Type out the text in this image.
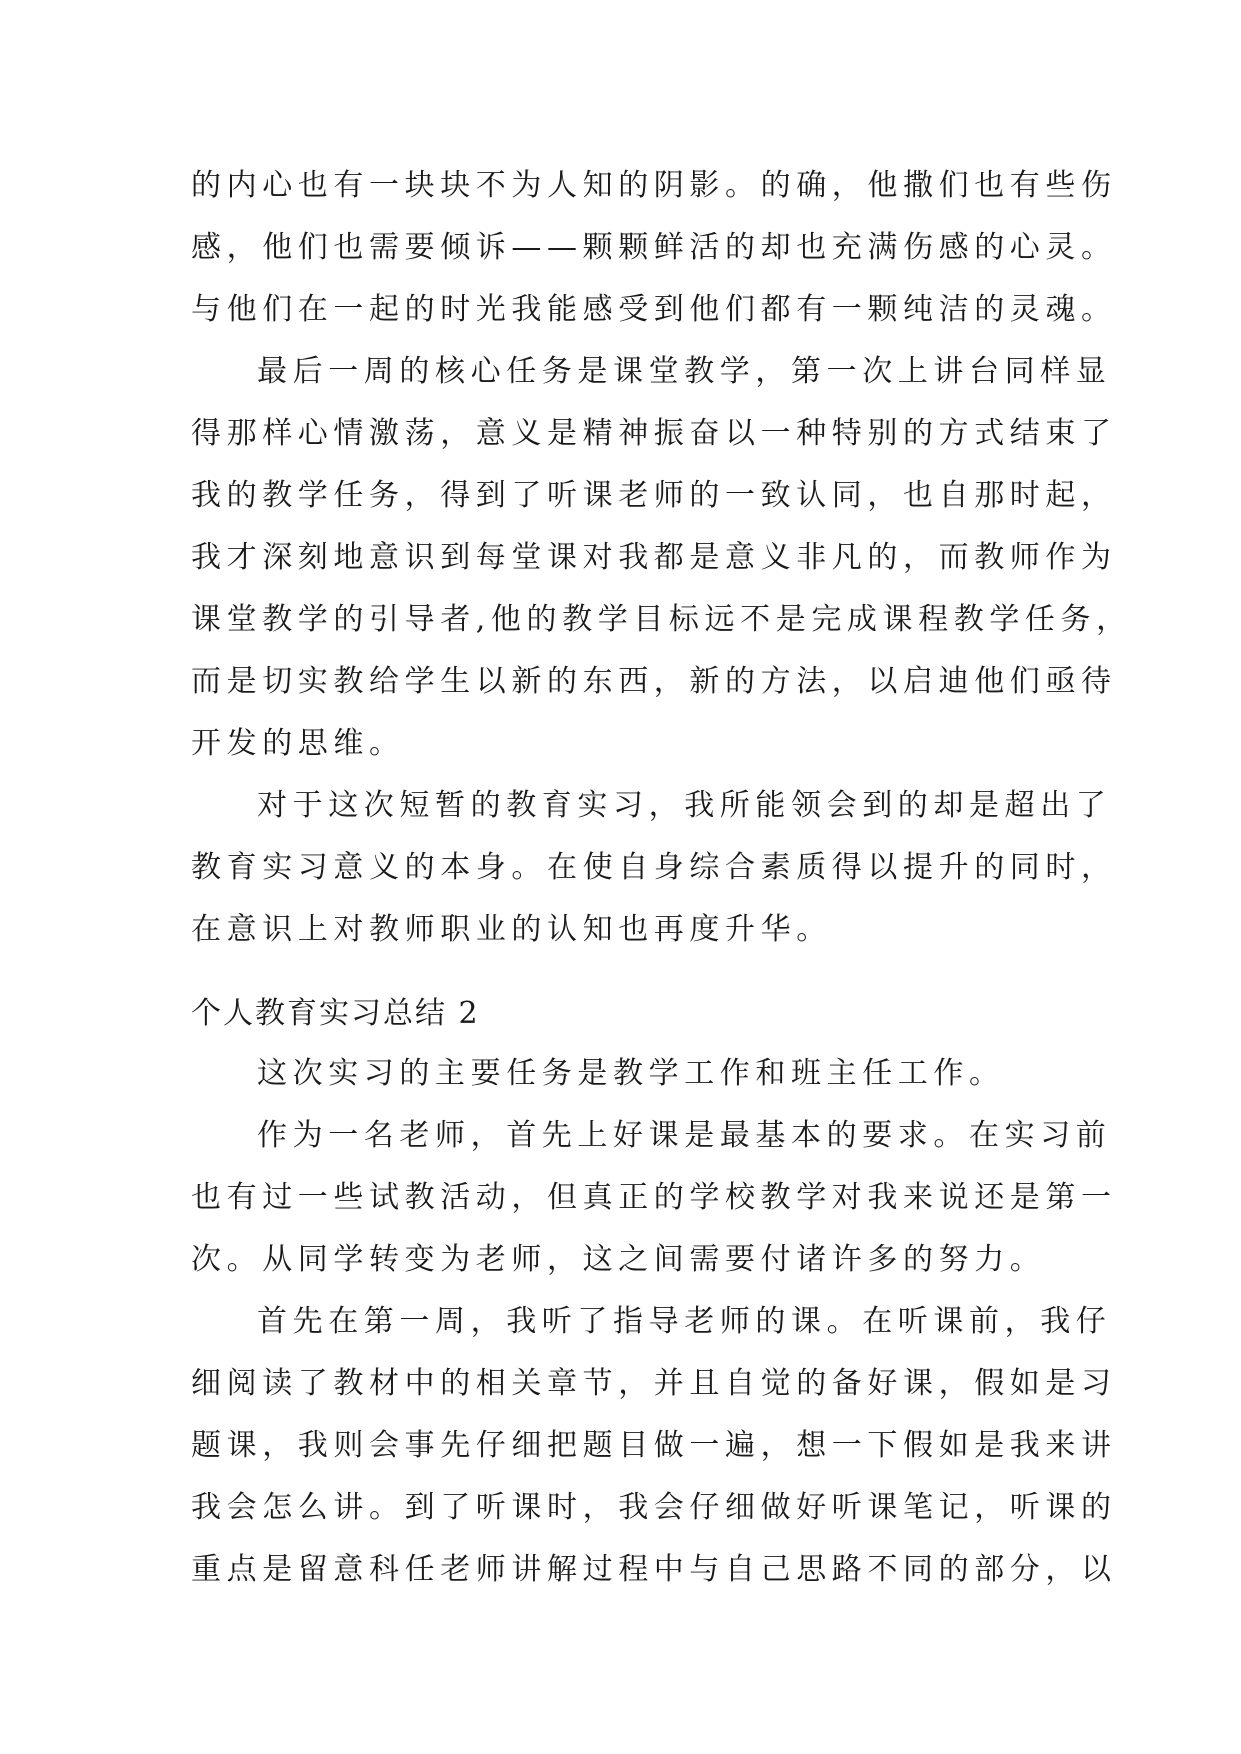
的内心也有一块块不为人知的阴影。的确，他撒们也有些伤
感，他们也需要倾诉——颗颗鲜活的却也充满伤感的心灵。
与他们在一起的时光我能感受到他们都有一颗纯洁的灵魂。
最后一周的核心任务是课堂教学，第一次上讲台同样显
得那样心情激荡，意义是精神振奋以一种特别的方式结束了
我的教学任务，得到了听课老师的一致认同，也自那时起，
我才深刻地意识到每堂课对我都是意义非凡的，而教师作为
课堂教学的引导者,他的教学目标远不是完成课程教学任务，
而是切实教给学生以新的东西，新的方法，以启迪他们亟待
开发的思维。
对于这次短暂的教育实习，我所能领会到的却是超出了
教育实习意义的本身。在使自身综合素质得以提升的同时，
在意识上对教师职业的认知也再度升华。
个人教育实习总结 2
这次实习的主要任务是教学工作和班主任工作。
作为一名老师，首先上好课是最基本的要求。在实习前
也有过一些试教活动，但真正的学校教学对我来说还是第一
次。从同学转变为老师，这之间需要付诸许多的努力。
首先在第一周，我听了指导老师的课。在听课前，我仔
细阅读了教材中的相关章节，并且自觉的备好课，假如是习
题课，我则会事先仔细把题目做一遍，想一下假如是我来讲
我会怎么讲。到了听课时，我会仔细做好听课笔记，听课的
重点是留意科任老师讲解过程中与自己思路不同的部分，以
